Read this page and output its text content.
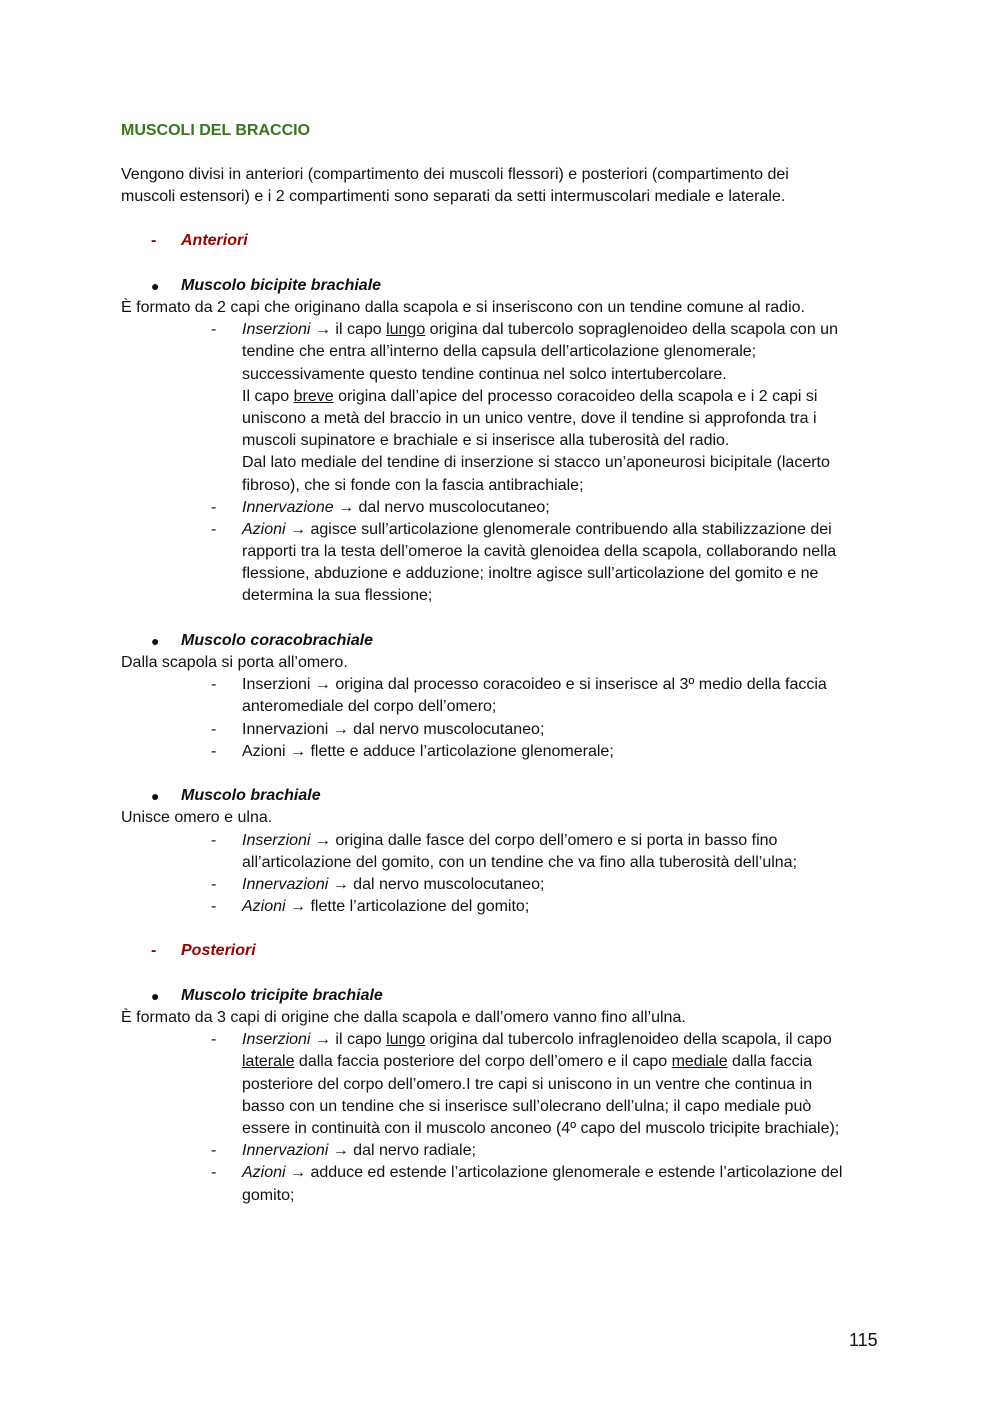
MUSCOLI DEL BRACCIO
Vengono divisi in anteriori (compartimento dei muscoli flessori) e posteriori (compartimento dei
muscoli estensori) e i 2 compartimenti sono separati da setti intermuscolari mediale e laterale.
- Anteriori
● Muscolo bicipite brachiale
È formato da 2 capi che originano dalla scapola e si inseriscono con un tendine comune al radio.
- Inserzioni → il capo lungo origina dal tubercolo sopraglenoideo della scapola con un
tendine che entra all’interno della capsula dell’articolazione glenomerale;
successivamente questo tendine continua nel solco intertubercolare.
Il capo breve origina dall’apice del processo coracoideo della scapola e i 2 capi si
uniscono a metà del braccio in un unico ventre, dove il tendine si approfonda tra i
muscoli supinatore e brachiale e si inserisce alla tuberosità del radio.
Dal lato mediale del tendine di inserzione si stacco un’aponeurosi bicipitale (lacerto
fibroso), che si fonde con la fascia antibrachiale;
- Innervazione → dal nervo muscolocutaneo;
- Azioni → agisce sull’articolazione glenomerale contribuendo alla stabilizzazione dei
rapporti tra la testa dell’omeroe la cavità glenoidea della scapola, collaborando nella
flessione, abduzione e adduzione; inoltre agisce sull’articolazione del gomito e ne
determina la sua flessione;
● Muscolo coracobrachiale
Dalla scapola si porta all’omero.
- Inserzioni → origina dal processo coracoideo e si inserisce al 3º medio della faccia
anteromediale del corpo dell’omero;
- Innervazioni → dal nervo muscolocutaneo;
- Azioni → flette e adduce l’articolazione glenomerale;
● Muscolo brachiale
Unisce omero e ulna.
- Inserzioni → origina dalle fasce del corpo dell’omero e si porta in basso fino
all’articolazione del gomito, con un tendine che va fino alla tuberosità dell’ulna;
- Innervazioni → dal nervo muscolocutaneo;
- Azioni → flette l’articolazione del gomito;
- Posteriori
● Muscolo tricipite brachiale
È formato da 3 capi di origine che dalla scapola e dall’omero vanno fino all’ulna.
- Inserzioni → il capo lungo origina dal tubercolo infraglenoideo della scapola, il capo
laterale dalla faccia posteriore del corpo dell’omero e il capo mediale dalla faccia
posteriore del corpo dell’omero.I tre capi si uniscono in un ventre che continua in
basso con un tendine che si inserisce sull’olecrano dell’ulna; il capo mediale può
essere in continuità con il muscolo anconeo (4º capo del muscolo tricipite brachiale);
- Innervazioni → dal nervo radiale;
- Azioni → adduce ed estende l’articolazione glenomerale e estende l’articolazione del
gomito;
115
